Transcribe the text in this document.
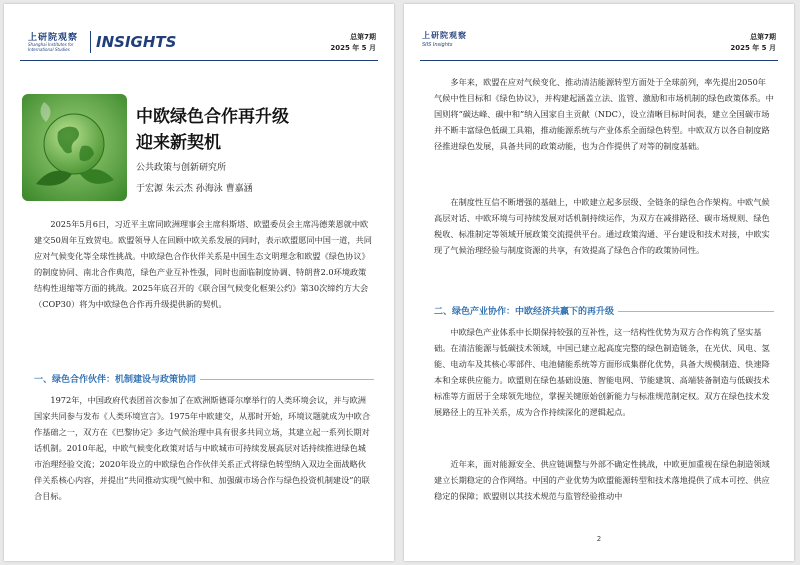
上研院观察
Shanghai Institutes for International Studies	INSIGHTS	总第7期
2025 年 5 月
中欧绿色合作再升级
迎来新契机
公共政策与创新研究所
于宏源 朱云杰 孙海泳 曹嘉涵

2025年5月6日，习近平主席同欧洲理事会主席科斯塔、欧盟委员会主席冯德莱恩就中欧建交50周年互致贺电。欧盟领导人在回顾中欧关系发展的同时，表示欧盟愿同中国一道，共同应对气候变化等全球性挑战。中欧绿色合作伙伴关系是中国生态文明理念和欧盟《绿色协议》的制度协同、南北合作典范，绿色产业互补性强，同时也面临制度协调、特朗普2.0环境政策结构性退缩等方面的挑战。2025年底召开的《联合国气候变化框架公约》第30次缔约方大会（COP30）将为中欧绿色合作再升级提供新的契机。

一、绿色合作伙伴：机制建设与政策协同

1972年，中国政府代表团首次参加了在欧洲斯德哥尔摩举行的人类环境会议，并与欧洲国家共同参与发布《人类环境宣言》。1975年中欧建交，从那时开始，环境议题就成为中欧合作基础之一，双方在《巴黎协定》多边气候治理中具有很多共同立场，其建立起一系列长期对话机制。2010年起，中欧气候变化政策对话与中欧城市可持续发展高层对话持续推进绿色城市治理经验交流；2020年设立的中欧绿色合作伙伴关系正式将绿色转型纳入双边全面战略伙伴关系核心内容，并提出“共同推动实现气候中和、加强碳市场合作与绿色投资机制建设”的联合目标。

上研院观察
SIIS Insights
总第7期
2025 年 5 月

多年来，欧盟在应对气候变化、推动清洁能源转型方面处于全球前列，率先提出2050年气候中性目标和《绿色协议》，并构建起涵盖立法、监管、激励和市场机制的绿色政策体系。中国则将“碳达峰、碳中和”纳入国家自主贡献（NDC），设立清晰目标时间表，建立全国碳市场并不断丰富绿色低碳工具箱，推动能源系统与产业体系全面绿色转型。中欧双方以各自制度路径推进绿色发展，具备共同的政策动能，也为合作提供了对等的制度基础。

在制度性互信不断增强的基础上，中欧建立起多层级、全链条的绿色合作架构。中欧气候高层对话、中欧环境与可持续发展对话机制持续运作，为双方在减排路径、碳市场规则、绿色税收、标准制定等领域开展政策交流提供平台。通过政策沟通、平台建设和技术对接，中欧实现了气候治理经验与制度资源的共享，有效提高了绿色合作的政策协同性。

二、绿色产业协作：中欧经济共赢下的再升级

中欧绿色产业体系中长期保持较强的互补性，这一结构性优势为双方合作构筑了坚实基础。在清洁能源与低碳技术领域，中国已建立起高度完整的绿色制造链条，在光伏、风电、氢能、电动车及其核心零部件、电池储能系统等方面形成集群化优势，具备大规模制造、快速降本和全球供应能力。欧盟则在绿色基础设施、智能电网、节能建筑、高端装备制造与低碳技术标准等方面居于全球领先地位，掌握关键原始创新能力与标准规范制定权。双方在绿色技术发展路径上的互补关系，成为合作持续深化的逻辑起点。

近年来，面对能源安全、供应链调整与外部不确定性挑战，中欧更加重视在绿色制造领域建立长期稳定的合作网络。中国的产业优势为欧盟能源转型和技术落地提供了成本可控、供应稳定的保障；欧盟则以其技术规范与监管经验推动中

2
